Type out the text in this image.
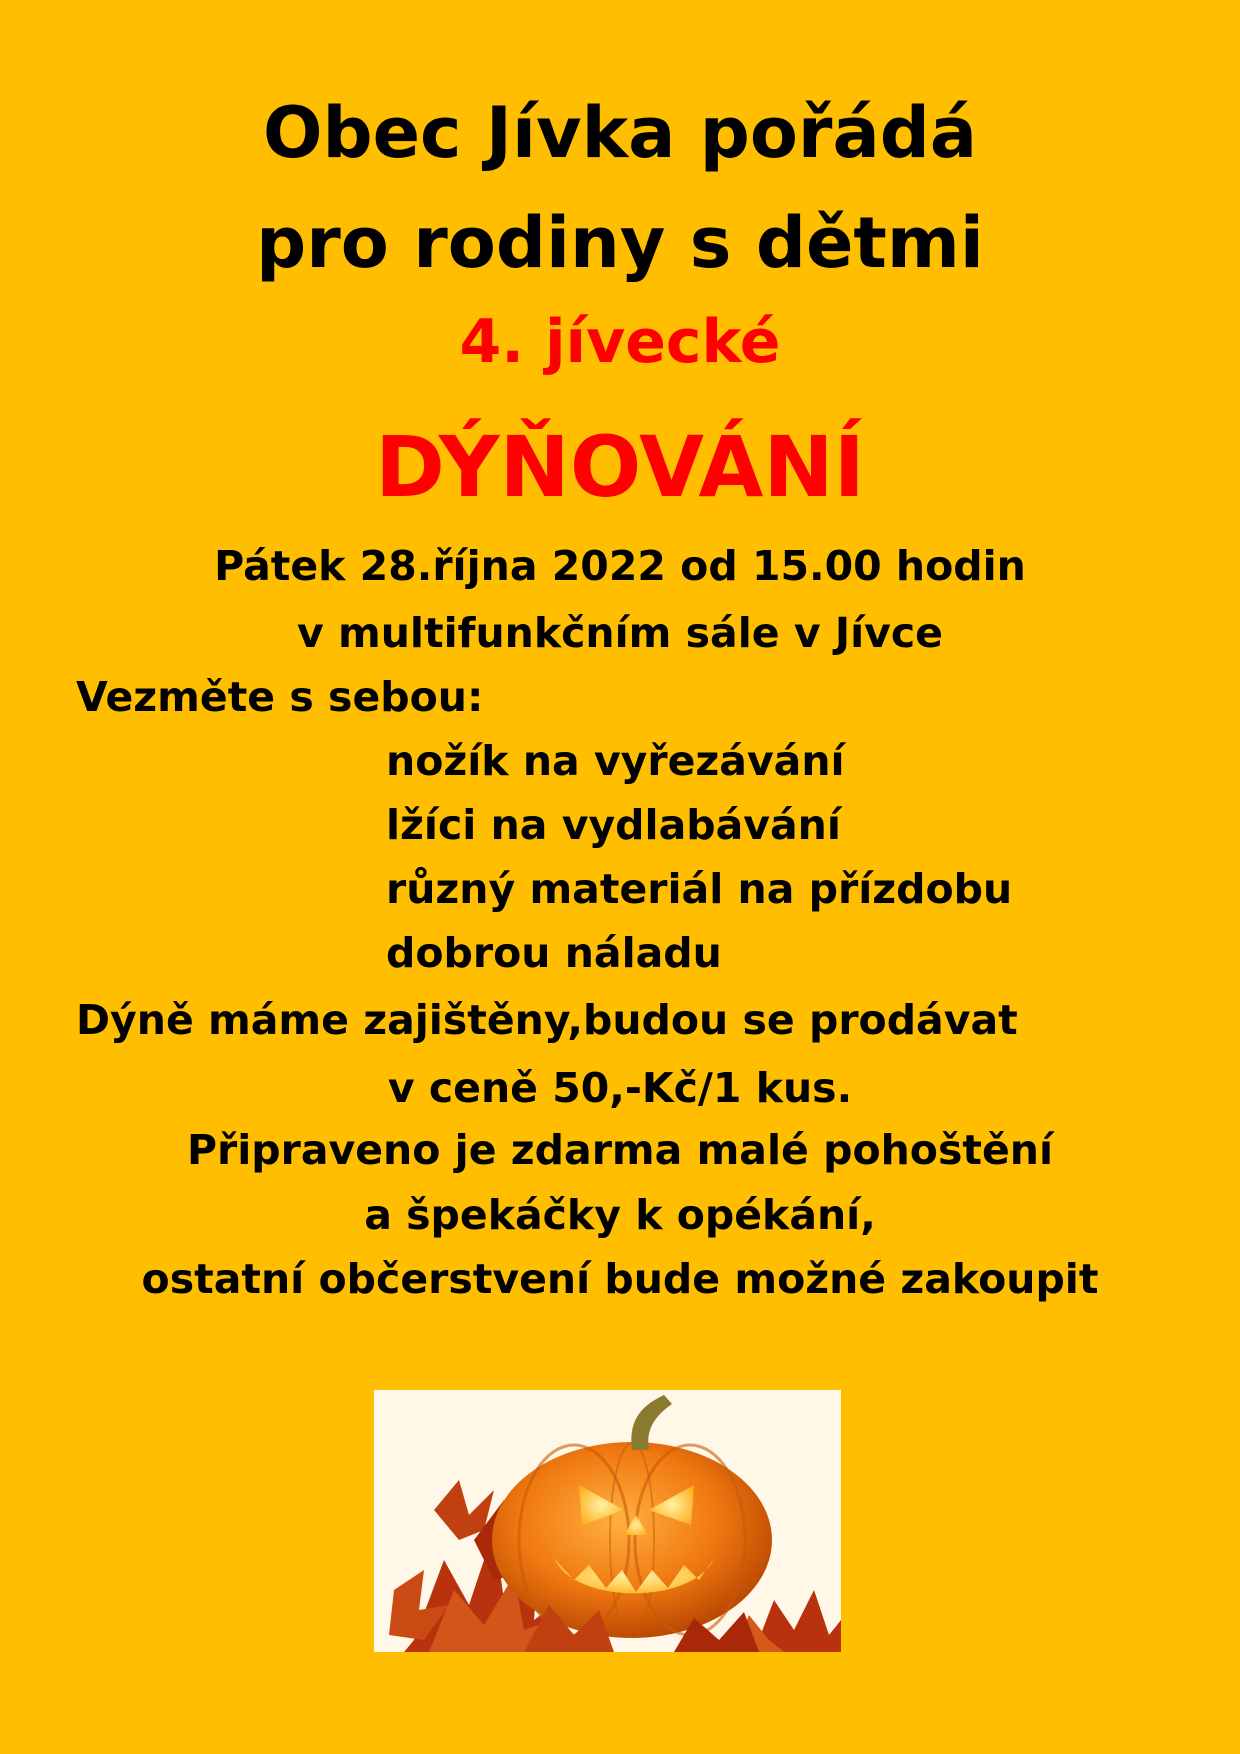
Obec Jívka pořádá
pro rodiny s dětmi
4. jívecké
DÝŇOVÁNÍ
Pátek 28.října 2022 od 15.00 hodin
v multifunkčním sále v Jívce
Vezměte s sebou:
nožík na vyřezávání
lžíci na vydlabávání
různý materiál na přízdobu
dobrou náladu
Dýně máme zajištěny,budou se prodávat
v ceně 50,-Kč/1 kus.
Připraveno je zdarma malé pohoštění
a špekáčky k opékání,
ostatní občerstvení bude možné zakoupit
